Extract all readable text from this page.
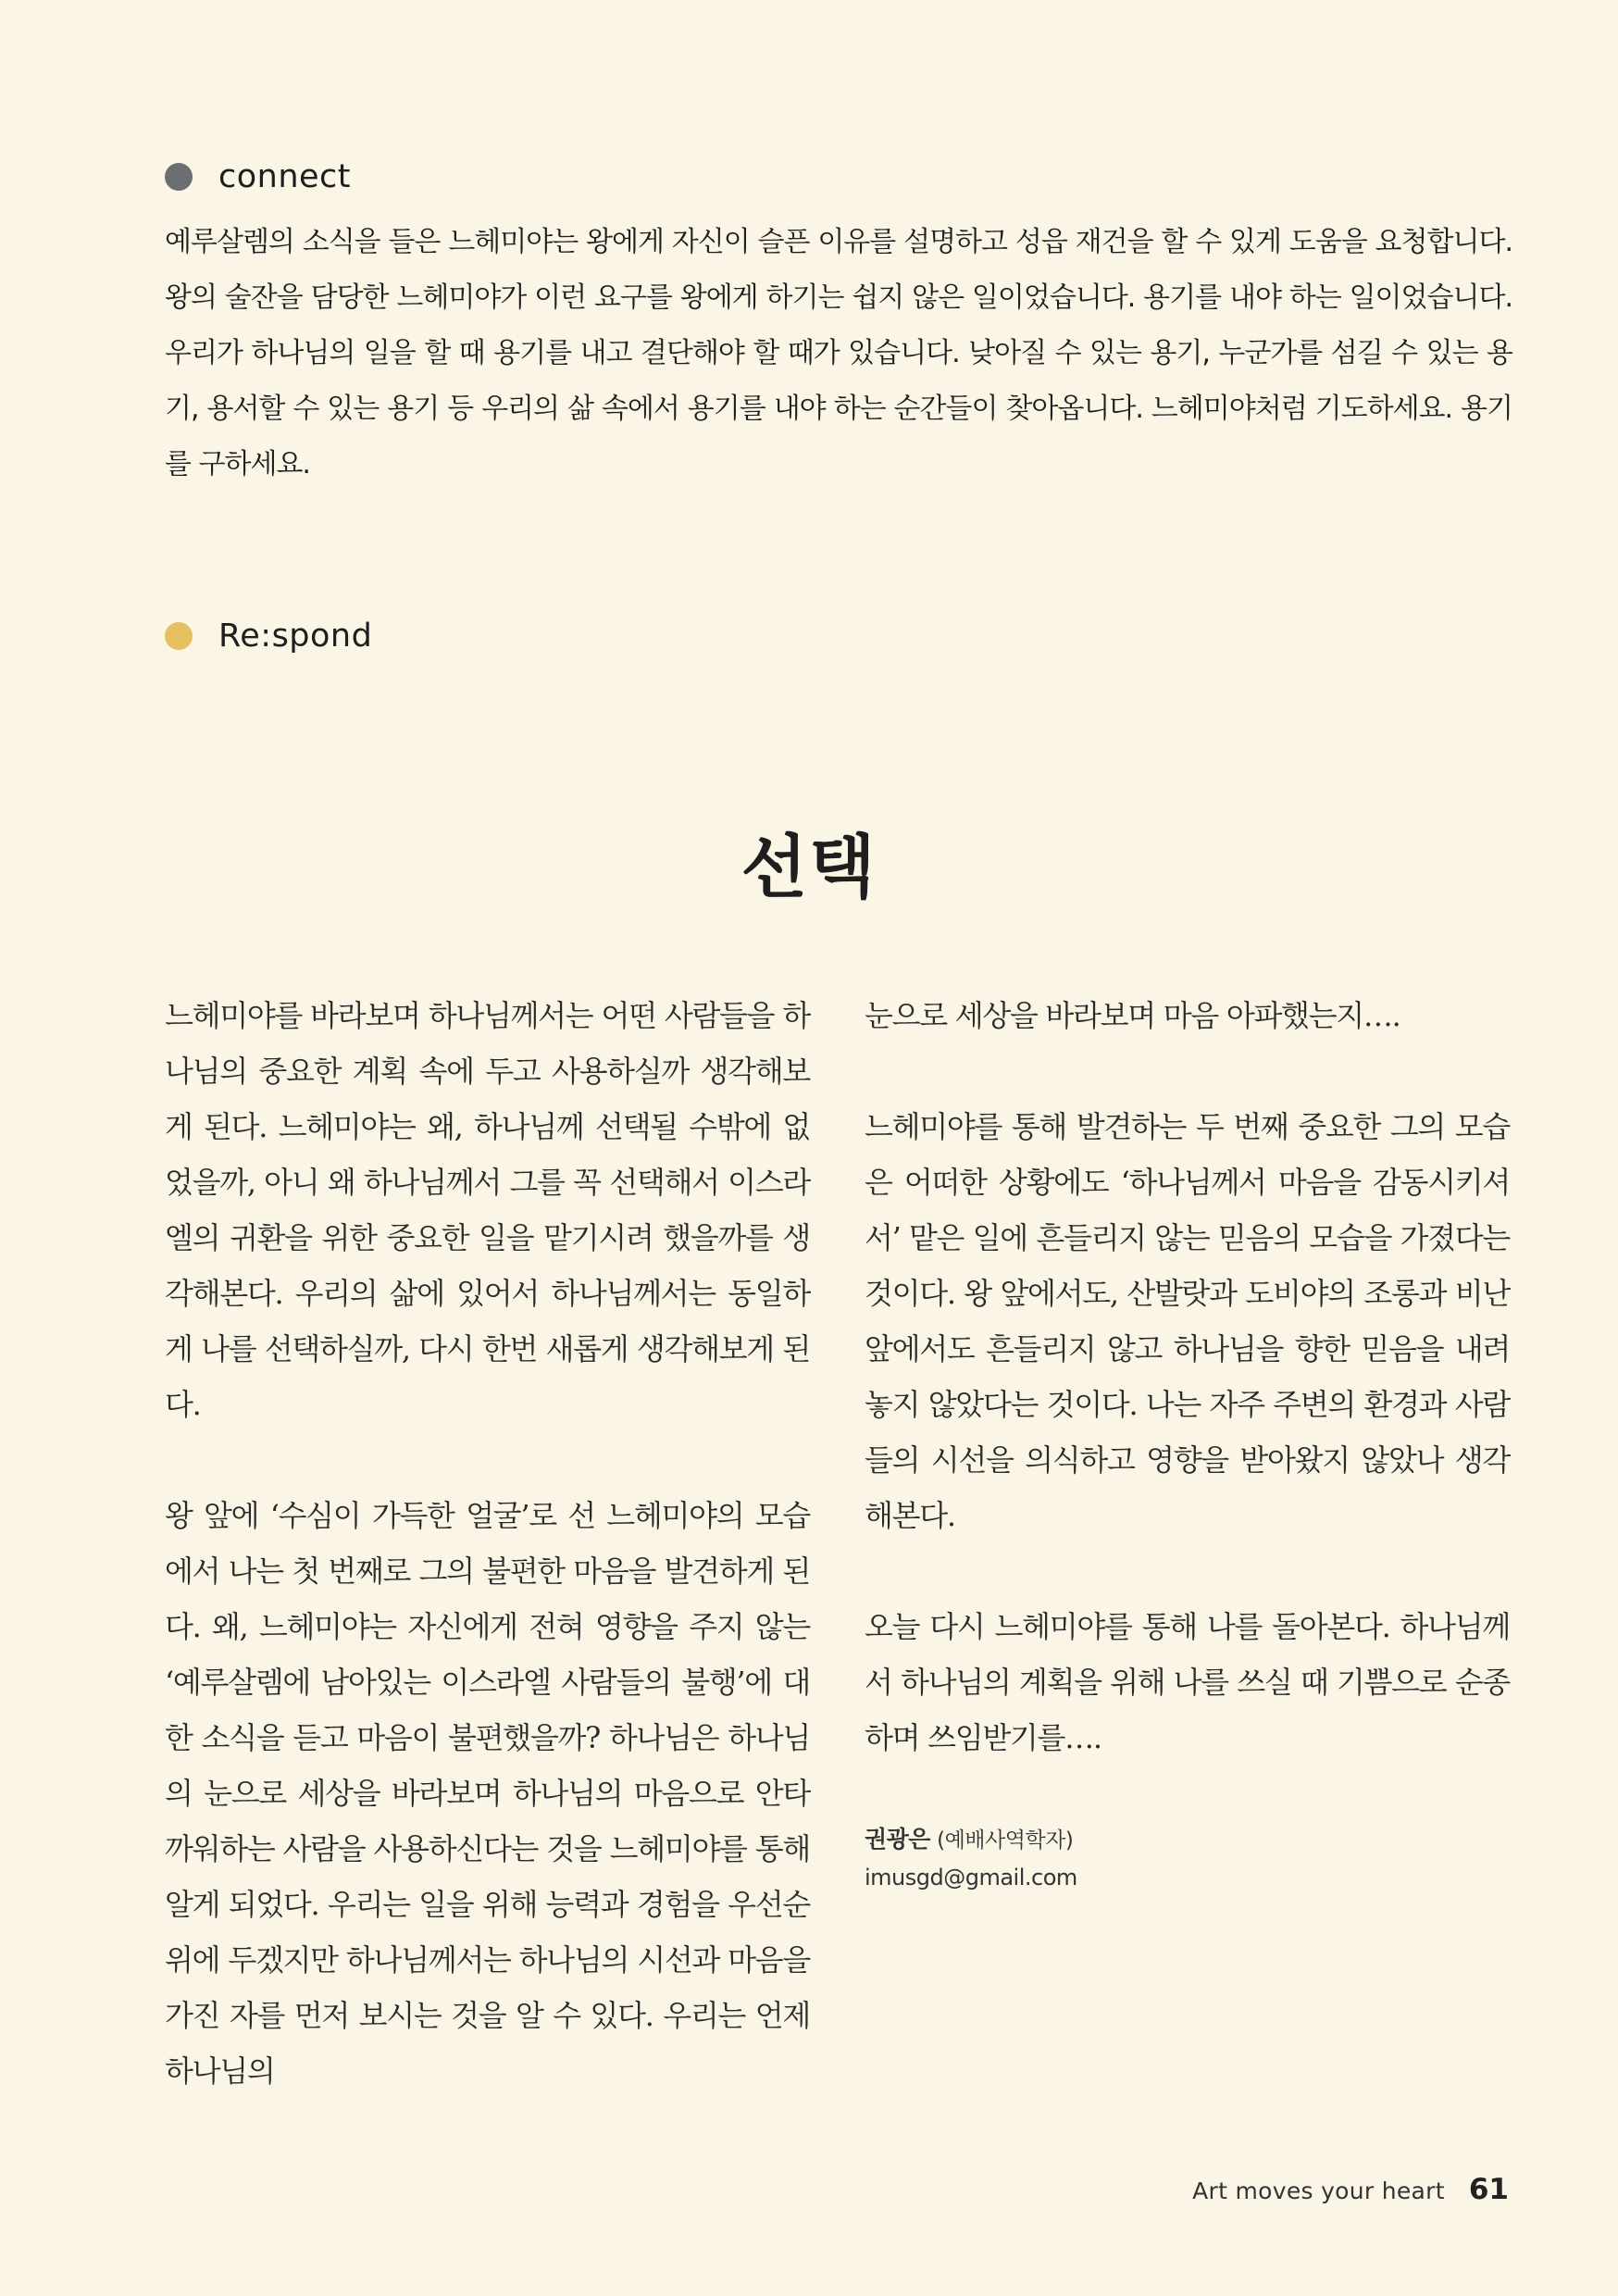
connect

예루살렘의 소식을 들은 느헤미야는 왕에게 자신이 슬픈 이유를 설명하고 성읍 재건을 할 수 있게 도움을 요청합니다. 왕의 술잔을 담당한 느헤미야가 이런 요구를 왕에게 하기는 쉽지 않은 일이었습니다. 용기를 내야 하는 일이었습니다. 우리가 하나님의 일을 할 때 용기를 내고 결단해야 할 때가 있습니다. 낮아질 수 있는 용기, 누군가를 섬길 수 있는 용기, 용서할 수 있는 용기 등 우리의 삶 속에서 용기를 내야 하는 순간들이 찾아옵니다. 느헤미야처럼 기도하세요. 용기를 구하세요.

Re:spond
선택

느헤미야를 바라보며 하나님께서는 어떤 사람들을 하나님의 중요한 계획 속에 두고 사용하실까 생각해보게 된다. 느헤미야는 왜, 하나님께 선택될 수밖에 없었을까, 아니 왜 하나님께서 그를 꼭 선택해서 이스라엘의 귀환을 위한 중요한 일을 맡기시려 했을까를 생각해본다. 우리의 삶에 있어서 하나님께서는 동일하게 나를 선택하실까, 다시 한번 새롭게 생각해보게 된다.

왕 앞에 ‘수심이 가득한 얼굴’로 선 느헤미야의 모습에서 나는 첫 번째로 그의 불편한 마음을 발견하게 된다. 왜, 느헤미야는 자신에게 전혀 영향을 주지 않는 ‘예루살렘에 남아있는 이스라엘 사람들의 불행’에 대한 소식을 듣고 마음이 불편했을까? 하나님은 하나님의 눈으로 세상을 바라보며 하나님의 마음으로 안타까워하는 사람을 사용하신다는 것을 느헤미야를 통해 알게 되었다. 우리는 일을 위해 능력과 경험을 우선순위에 두겠지만 하나님께서는 하나님의 시선과 마음을 가진 자를 먼저 보시는 것을 알 수 있다. 우리는 언제 하나님의

눈으로 세상을 바라보며 마음 아파했는지….

느헤미야를 통해 발견하는 두 번째 중요한 그의 모습은 어떠한 상황에도 ‘하나님께서 마음을 감동시키셔서’ 맡은 일에 흔들리지 않는 믿음의 모습을 가졌다는 것이다. 왕 앞에서도, 산발랏과 도비야의 조롱과 비난 앞에서도 흔들리지 않고 하나님을 향한 믿음을 내려놓지 않았다는 것이다. 나는 자주 주변의 환경과 사람들의 시선을 의식하고 영향을 받아왔지 않았나 생각해본다.

오늘 다시 느헤미야를 통해 나를 돌아본다. 하나님께서 하나님의 계획을 위해 나를 쓰실 때 기쁨으로 순종하며 쓰임받기를….

권광은 (예배사역학자)
imusgd@gmail.com
Art moves your heart 61
